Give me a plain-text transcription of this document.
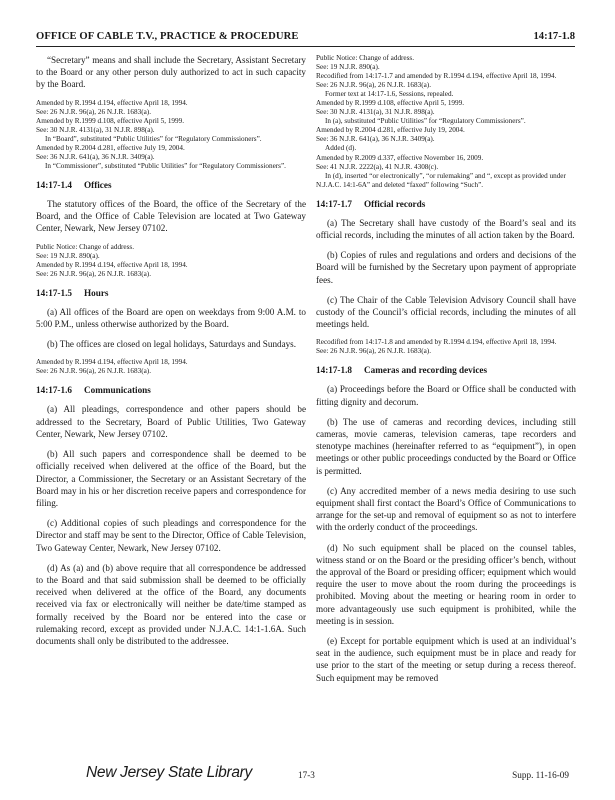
OFFICE OF CABLE T.V., PRACTICE & PROCEDURE	14:17-1.8

“Secretary” means and shall include the Secretary, Assistant Secretary to the Board or any other person duly authorized to act in such capacity by the Board.

Amended by R.1994 d.194, effective April 18, 1994.

See: 26 N.J.R. 96(a), 26 N.J.R. 1683(a).

Amended by R.1999 d.108, effective April 5, 1999.

See: 30 N.J.R. 4131(a), 31 N.J.R. 898(a).

In “Board”, substituted “Public Utilities” for “Regulatory Commissioners”.

Amended by R.2004 d.281, effective July 19, 2004.

See: 36 N.J.R. 641(a), 36 N.J.R. 3409(a).

In “Commissioner”, substituted “Public Utilities” for “Regulatory Commissioners”.

14:17-1.4 Offices

The statutory offices of the Board, the office of the Secretary of the Board, and the Office of Cable Television are located at Two Gateway Center, Newark, New Jersey 07102.

Public Notice: Change of address.

See: 19 N.J.R. 890(a).

Amended by R.1994 d.194, effective April 18, 1994.

See: 26 N.J.R. 96(a), 26 N.J.R. 1683(a).

14:17-1.5 Hours

(a) All offices of the Board are open on weekdays from 9:00 A.M. to 5:00 P.M., unless otherwise authorized by the Board.

(b) The offices are closed on legal holidays, Saturdays and Sundays.

Amended by R.1994 d.194, effective April 18, 1994.

See: 26 N.J.R. 96(a), 26 N.J.R. 1683(a).

14:17-1.6 Communications

(a) All pleadings, correspondence and other papers should be addressed to the Secretary, Board of Public Utilities, Two Gateway Center, Newark, New Jersey 07102.

(b) All such papers and correspondence shall be deemed to be officially received when delivered at the office of the Board, but the Director, a Commissioner, the Secretary or an Assistant Secretary of the Board may in his or her discretion receive papers and correspondence for filing.

(c) Additional copies of such pleadings and correspondence for the Director and staff may be sent to the Director, Office of Cable Television, Two Gateway Center, Newark, New Jersey 07102.

(d) As (a) and (b) above require that all correspondence be addressed to the Board and that said submission shall be deemed to be officially received when delivered at the office of the Board, any documents received via fax or electronically will neither be date/time stamped as formally received by the Board nor be entered into the case or rulemaking record, except as provided under N.J.A.C. 14:1-1.6A. Such documents shall only be distributed to the addressee.

Public Notice: Change of address.

See: 19 N.J.R. 890(a).

Recodified from 14:17-1.7 and amended by R.1994 d.194, effective April 18, 1994.

See: 26 N.J.R. 96(a), 26 N.J.R. 1683(a).

Former text at 14:17-1.6, Sessions, repealed.

Amended by R.1999 d.108, effective April 5, 1999.

See: 30 N.J.R. 4131(a), 31 N.J.R. 898(a).

In (a), substituted “Public Utilities” for “Regulatory Commissioners”.

Amended by R.2004 d.281, effective July 19, 2004.

See: 36 N.J.R. 641(a), 36 N.J.R. 3409(a).

Added (d).

Amended by R.2009 d.337, effective November 16, 2009.

See: 41 N.J.R. 2222(a), 41 N.J.R. 4308(c).

In (d), inserted “or electronically”, “or rulemaking” and “, except as provided under N.J.A.C. 14:1-6A” and deleted “faxed” following “Such”.

14:17-1.7 Official records

(a) The Secretary shall have custody of the Board’s seal and its official records, including the minutes of all action taken by the Board.

(b) Copies of rules and regulations and orders and decisions of the Board will be furnished by the Secretary upon payment of appropriate fees.

(c) The Chair of the Cable Television Advisory Council shall have custody of the Council’s official records, including the minutes of all meetings held.

Recodified from 14:17-1.8 and amended by R.1994 d.194, effective April 18, 1994.

See: 26 N.J.R. 96(a), 26 N.J.R. 1683(a).

14:17-1.8 Cameras and recording devices

(a) Proceedings before the Board or Office shall be conducted with fitting dignity and decorum.

(b) The use of cameras and recording devices, including still cameras, movie cameras, television cameras, tape recorders and stenotype machines (hereinafter referred to as “equipment”), in open meetings or other public proceedings conducted by the Board or Office is permitted.

(c) Any accredited member of a news media desiring to use such equipment shall first contact the Board’s Office of Communications to arrange for the set-up and removal of equipment so as not to interfere with the orderly conduct of the proceedings.

(d) No such equipment shall be placed on the counsel tables, witness stand or on the Board or the presiding officer’s bench, without the approval of the Board or presiding officer; equipment which would require the user to move about the room during the proceedings is prohibited. Moving about the meeting or hearing room in order to more advantageously use such equipment is prohibited, while the meeting is in session.

(e) Except for portable equipment which is used at an individual’s seat in the audience, such equipment must be in place and ready for use prior to the start of the meeting or setup during a recess thereof. Such equipment may be removed

New Jersey State Library	17-3	Supp. 11-16-09
